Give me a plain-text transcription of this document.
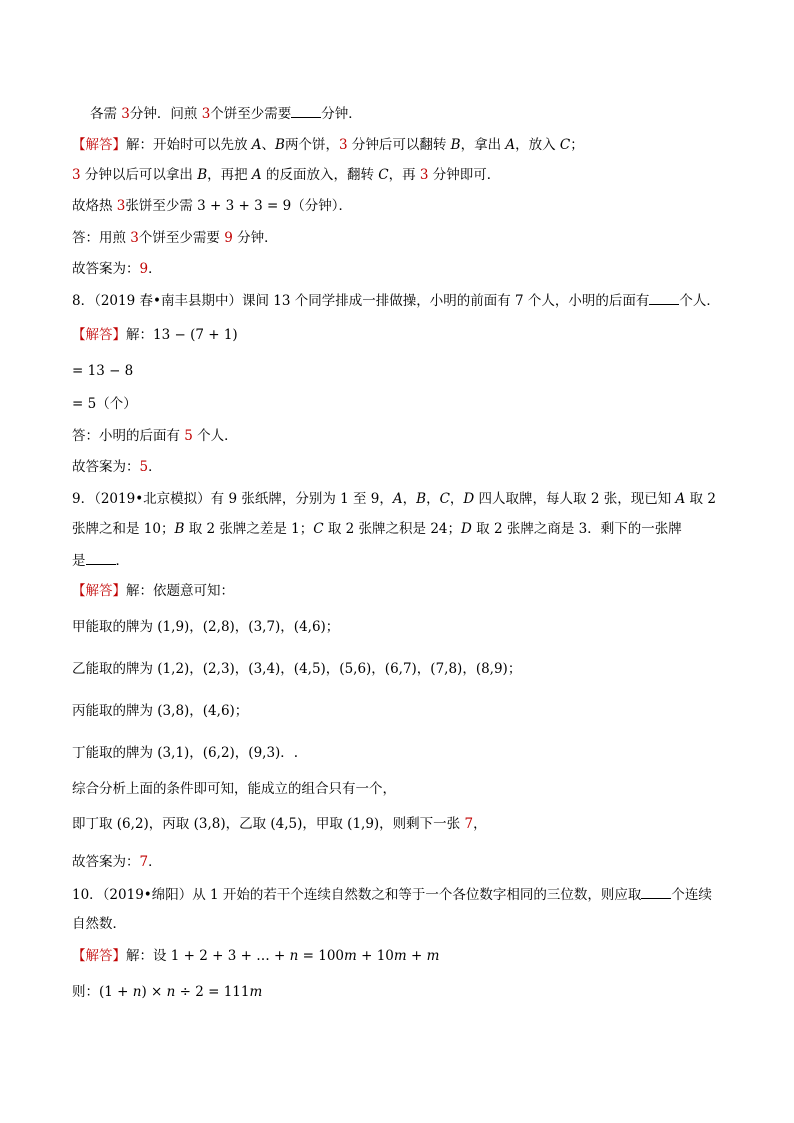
各需 3分钟．问煎 3个饼至少需要 分钟．
【解答】解：开始时可以先放 A、B两个饼，3 分钟后可以翻转 B，拿出 A，放入 C；
3 分钟以后可以拿出 B，再把 A 的反面放入，翻转 C，再 3 分钟即可．
故烙热 3张饼至少需 3 + 3 + 3 = 9（分钟）．
答：用煎 3个饼至少需要 9 分钟．
故答案为：9．
8．（2019 春•南丰县期中）课间 13 个同学排成一排做操，小明的前面有 7 个人，小明的后面有 个人．
【解答】解：13 − (7 + 1)
= 13 − 8
= 5（个）
答：小明的后面有 5 个人．
故答案为：5．
9．（2019•北京模拟）有 9 张纸牌，分别为 1 至 9，A，B，C，D 四人取牌，每人取 2 张，现已知 A 取 2
张牌之和是 10；B 取 2 张牌之差是 1；C 取 2 张牌之积是 24；D 取 2 张牌之商是 3．剩下的一张牌
是 ．
【解答】解：依题意可知：
甲能取的牌为 (1,9)，(2,8)，(3,7)，(4,6)；
乙能取的牌为 (1,2)，(2,3)，(3,4)，(4,5)，(5,6)，(6,7)，(7,8)，(8,9)；
丙能取的牌为 (3,8)，(4,6)；
丁能取的牌为 (3,1)，(6,2)，(9,3)．.
综合分析上面的条件即可知，能成立的组合只有一个，
即丁取 (6,2)，丙取 (3,8)，乙取 (4,5)，甲取 (1,9)，则剩下一张 7，
故答案为：7．
10．（2019•绵阳）从 1 开始的若干个连续自然数之和等于一个各位数字相同的三位数，则应取 个连续
自然数．
【解答】解：设 1 + 2 + 3 + … + n = 100m + 10m + m
则：(1 + n) × n ÷ 2 = 111m
